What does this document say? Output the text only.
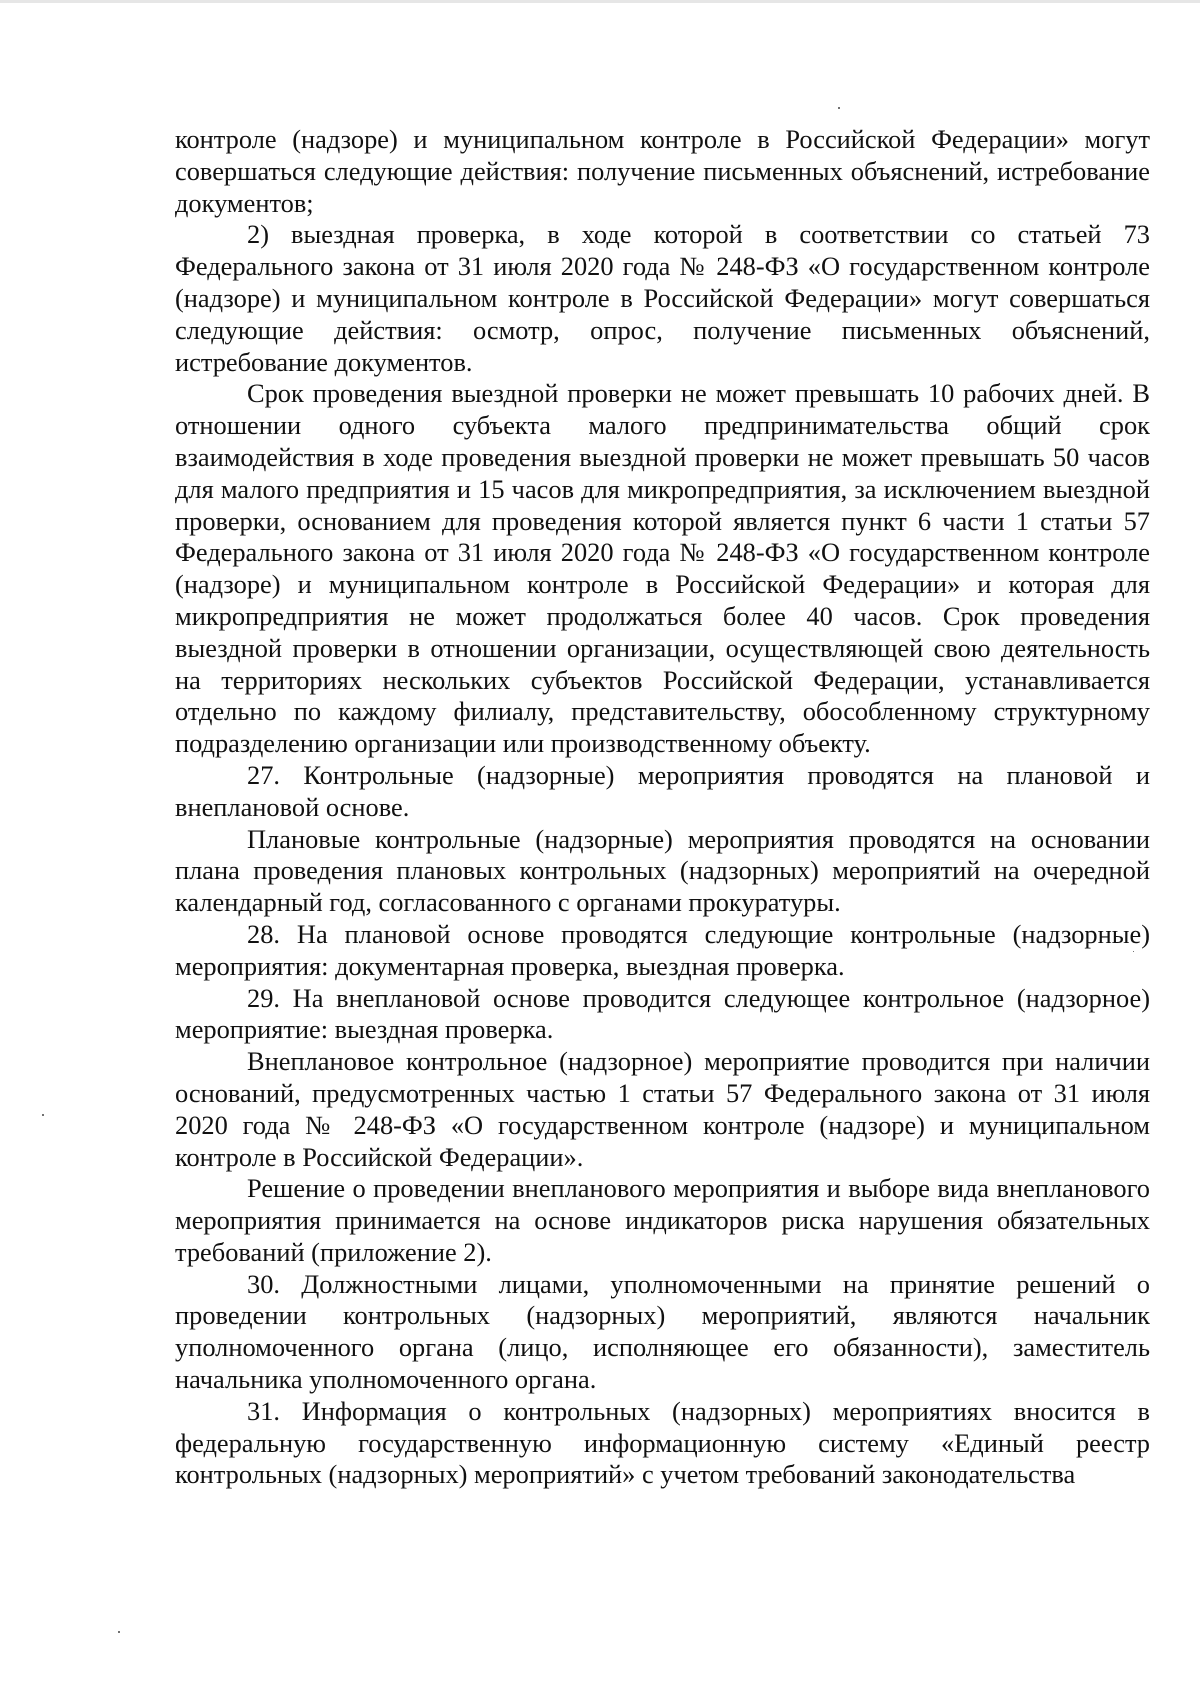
контроле (надзоре) и муниципальном контроле в Российской Федерации» могут совершаться следующие действия: получение письменных объяснений, истребование документов;

2) выездная проверка, в ходе которой в соответствии со статьей 73 Федерального закона от 31 июля 2020 года № 248-ФЗ «О государственном контроле (надзоре) и муниципальном контроле в Российской Федерации» могут совершаться следующие действия: осмотр, опрос, получение письменных объяснений, истребование документов.

Срок проведения выездной проверки не может превышать 10 рабочих дней. В отношении одного субъекта малого предпринимательства общий срок взаимодействия в ходе проведения выездной проверки не может превышать 50 часов для малого предприятия и 15 часов для микропредприятия, за исключением выездной проверки, основанием для проведения которой является пункт 6 части 1 статьи 57 Федерального закона от 31 июля 2020 года № 248-ФЗ «О государственном контроле (надзоре) и муниципальном контроле в Российской Федерации» и которая для микропредприятия не может продолжаться более 40 часов. Срок проведения выездной проверки в отношении организации, осуществляющей свою деятельность на территориях нескольких субъектов Российской Федерации, устанавливается отдельно по каждому филиалу, представительству, обособленному структурному подразделению организации или производственному объекту.

27. Контрольные (надзорные) мероприятия проводятся на плановой и внеплановой основе.

Плановые контрольные (надзорные) мероприятия проводятся на основании плана проведения плановых контрольных (надзорных) мероприятий на очередной календарный год, согласованного с органами прокуратуры.

28. На плановой основе проводятся следующие контрольные (надзорные) мероприятия: документарная проверка, выездная проверка.

29. На внеплановой основе проводится следующее контрольное (надзорное) мероприятие: выездная проверка.

Внеплановое контрольное (надзорное) мероприятие проводится при наличии оснований, предусмотренных частью 1 статьи 57 Федерального закона от 31 июля 2020 года № 248-ФЗ «О государственном контроле (надзоре) и муниципальном контроле в Российской Федерации».

Решение о проведении внепланового мероприятия и выборе вида внепланового мероприятия принимается на основе индикаторов риска нарушения обязательных требований (приложение 2).

30. Должностными лицами, уполномоченными на принятие решений о проведении контрольных (надзорных) мероприятий, являются начальник уполномоченного органа (лицо, исполняющее его обязанности), заместитель начальника уполномоченного органа.

31. Информация о контрольных (надзорных) мероприятиях вносится в федеральную государственную информационную систему «Единый реестр контрольных (надзорных) мероприятий» с учетом требований законодательства
